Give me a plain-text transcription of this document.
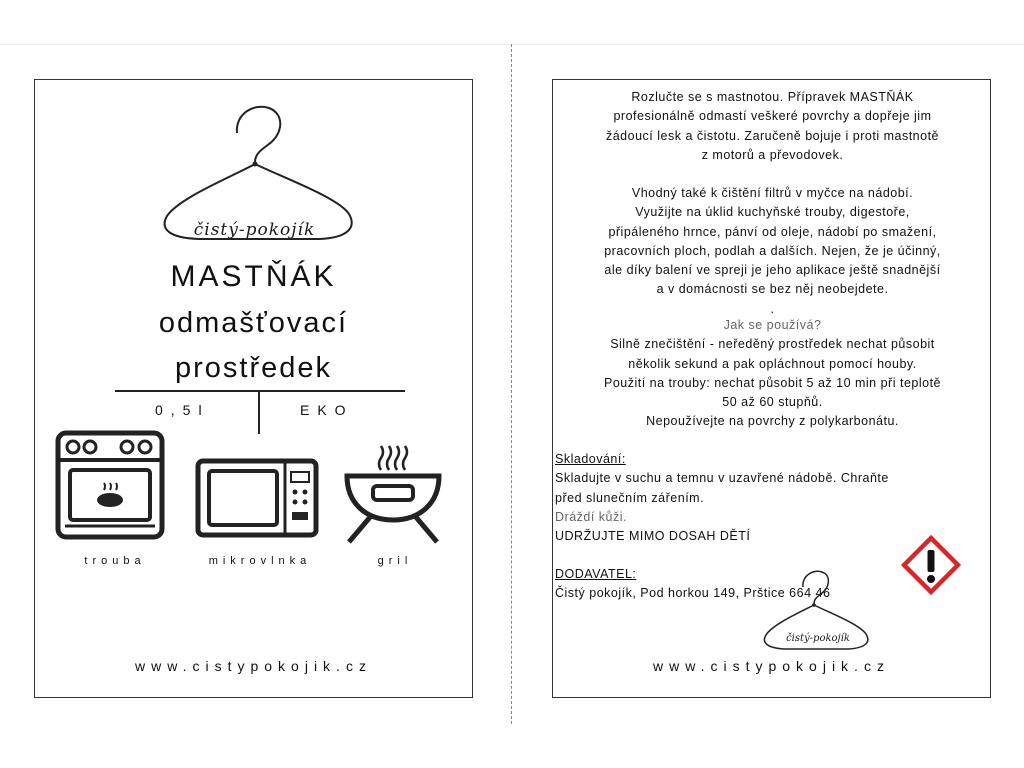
čistý-pokojík
MASTŇÁK
odmašťovací
prostředek
0,5l	EKO
trouba	mikrovlnka	gril
www.cistypokojik.cz
Rozlučte se s mastnotou. Přípravek MASTŇÁK
profesionálně odmastí veškeré povrchy a dopřeje jim
žádoucí lesk a čistotu. Zaručeně bojuje i proti mastnotě
z motorů a převodovek.
Vhodný také k čištění filtrů v myčce na nádobí.
Využijte na úklid kuchyňské trouby, digestoře,
připáleného hrnce, pánví od oleje, nádobí po smažení,
pracovních ploch, podlah a dalších. Nejen, že je účinný,
ale díky balení ve spreji je jeho aplikace ještě snadnější
a v domácnosti se bez něj neobejdete.
.
Jak se používá?
Silně znečištění - neředěný prostředek nechat působit
několik sekund a pak opláchnout pomocí houby.
Použití na trouby: nechat působit 5 až 10 min při teplotě
50 až 60 stupňů.
Nepoužívejte na povrchy z polykarbonátu.
Skladování:
Skladujte v suchu a temnu v uzavřené nádobě. Chraňte
před slunečním zářením.
Dráždí kůži.
UDRŽUJTE MIMO DOSAH DĚTÍ
DODAVATEL:
Čistý pokojík, Pod horkou 149, Prštice 664 46
čistý-pokojík
www.cistypokojik.cz
